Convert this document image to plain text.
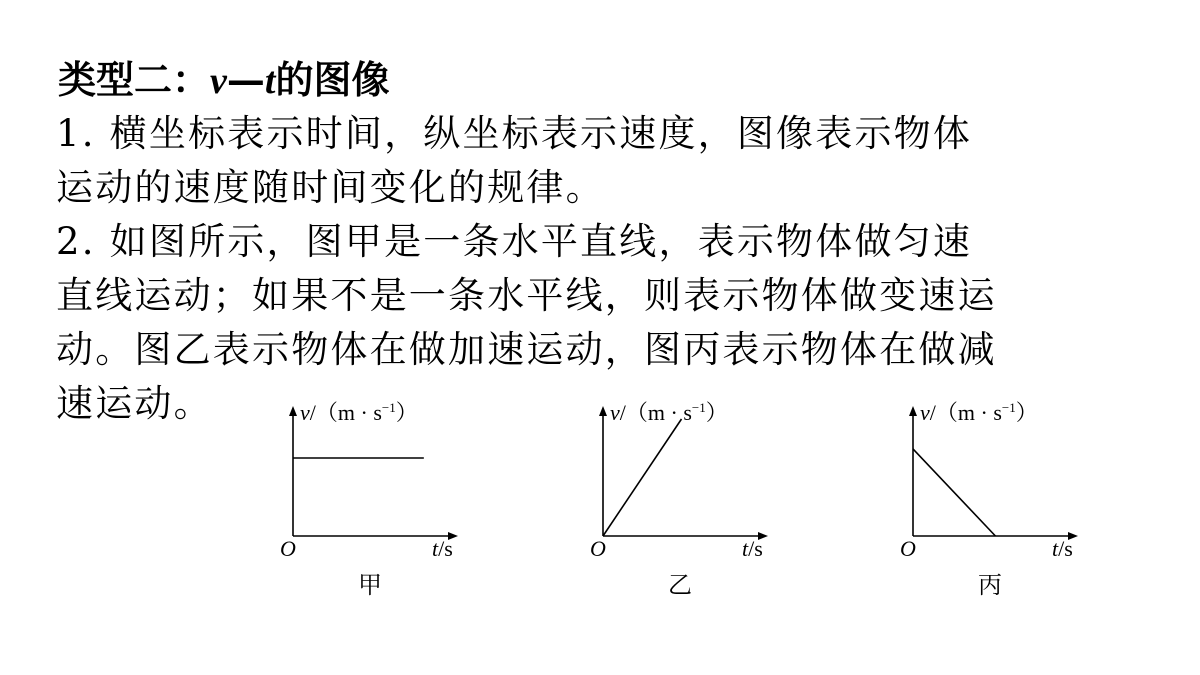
类型二：v—t的图像
1. 横坐标表示时间，纵坐标表示速度，图像表示物体
运动的速度随时间变化的规律。
2. 如图所示，图甲是一条水平直线，表示物体做匀速
直线运动；如果不是一条水平线，则表示物体做变速运
动。图乙表示物体在做加速运动，图丙表示物体在做减
速运动。	$v/(m \cdot s^{-1})$
O	t/s
甲
$v/(m \cdot s^{-1})$
O	t/s
乙
$v/(m \cdot s^{-1})$
O	t/s
丙
